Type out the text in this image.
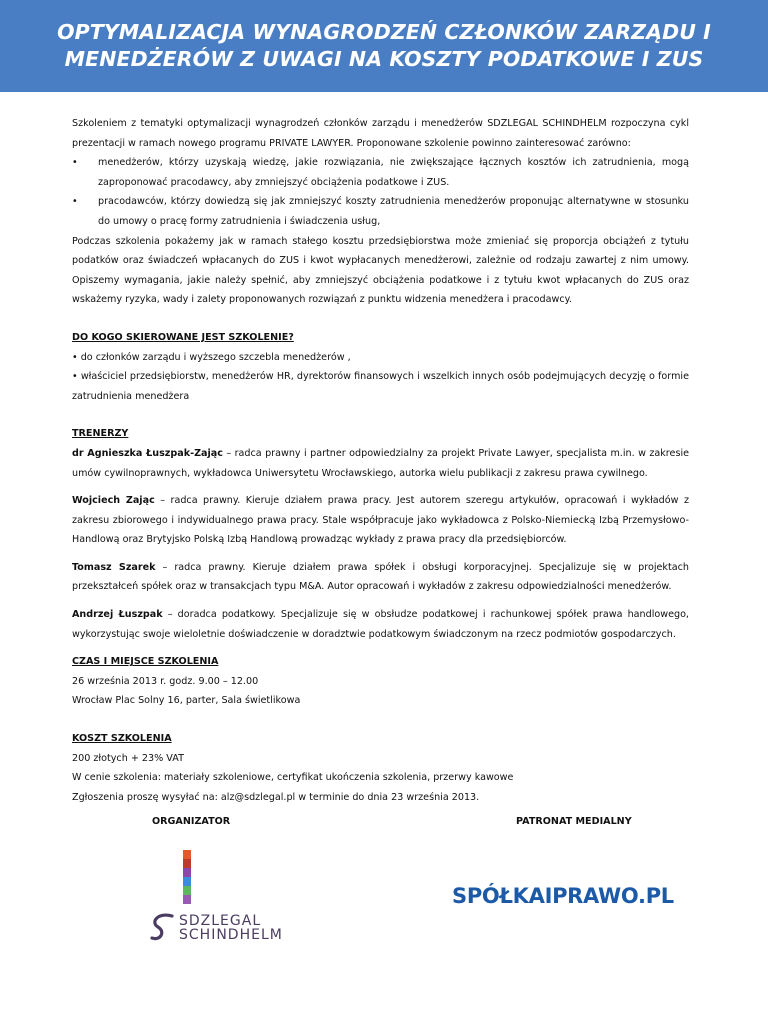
OPTYMALIZACJA WYNAGRODZEŃ CZŁONKÓW ZARZĄDU I
MENEDŻERÓW Z UWAGI NA KOSZTY PODATKOWE I ZUS

Szkoleniem z tematyki optymalizacji wynagrodzeń członków zarządu i menedżerów SDZLEGAL SCHINDHELM rozpoczyna cykl prezentacji w ramach nowego programu PRIVATE LAWYER. Proponowane szkolenie powinno zainteresować zarówno:

• menedżerów, którzy uzyskają wiedzę, jakie rozwiązania, nie zwiększające łącznych kosztów ich zatrudnienia, mogą zaproponować pracodawcy, aby zmniejszyć obciążenia podatkowe i ZUS.
• pracodawców, którzy dowiedzą się jak zmniejszyć koszty zatrudnienia menedżerów proponując alternatywne w stosunku do umowy o pracę formy zatrudnienia i świadczenia usług,

Podczas szkolenia pokażemy jak w ramach stałego kosztu przedsiębiorstwa może zmieniać się proporcja obciążeń z tytułu podatków oraz świadczeń wpłacanych do ZUS i kwot wypłacanych menedżerowi, zależnie od rodzaju zawartej z nim umowy. Opiszemy wymagania, jakie należy spełnić, aby zmniejszyć obciążenia podatkowe i z tytułu kwot wpłacanych do ZUS oraz wskażemy ryzyka, wady i zalety proponowanych rozwiązań z punktu widzenia menedżera i pracodawcy.

DO KOGO SKIEROWANE JEST SZKOLENIE?

• do członków zarządu i wyższego szczebla menedżerów ,

• właściciel przedsiębiorstw, menedżerów HR, dyrektorów finansowych i wszelkich innych osób podejmujących decyzję o formie zatrudnienia menedżera

TRENERZY

dr Agnieszka Łuszpak-Zając – radca prawny i partner odpowiedzialny za projekt Private Lawyer, specjalista m.in. w zakresie umów cywilnoprawnych, wykładowca Uniwersytetu Wrocławskiego, autorka wielu publikacji z zakresu prawa cywilnego.

Wojciech Zając – radca prawny. Kieruje działem prawa pracy. Jest autorem szeregu artykułów, opracowań i wykładów z zakresu zbiorowego i indywidualnego prawa pracy. Stale współpracuje jako wykładowca z Polsko-Niemiecką Izbą Przemysłowo-Handlową oraz Brytyjsko Polską Izbą Handlową prowadząc wykłady z prawa pracy dla przedsiębiorców.

Tomasz Szarek – radca prawny. Kieruje działem prawa spółek i obsługi korporacyjnej. Specjalizuje się w projektach przekształceń spółek oraz w transakcjach typu M&A. Autor opracowań i wykładów z zakresu odpowiedzialności menedżerów.

Andrzej Łuszpak – doradca podatkowy. Specjalizuje się w obsłudze podatkowej i rachunkowej spółek prawa handlowego, wykorzystując swoje wieloletnie doświadczenie w doradztwie podatkowym świadczonym na rzecz podmiotów gospodarczych.

CZAS I MIEJSCE SZKOLENIA

26 września 2013 r. godz. 9.00 – 12.00

Wrocław Plac Solny 16, parter, Sala świetlikowa

KOSZT SZKOLENIA

200 złotych + 23% VAT

W cenie szkolenia: materiały szkoleniowe, certyfikat ukończenia szkolenia, przerwy kawowe

Zgłoszenia proszę wysyłać na: alz@sdzlegal.pl w terminie do dnia 23 września 2013.

ORGANIZATOR	PATRONAT MEDIALNY
SDZLEGAL
SCHINDHELM
SPÓŁKAIPRAWO.PL
